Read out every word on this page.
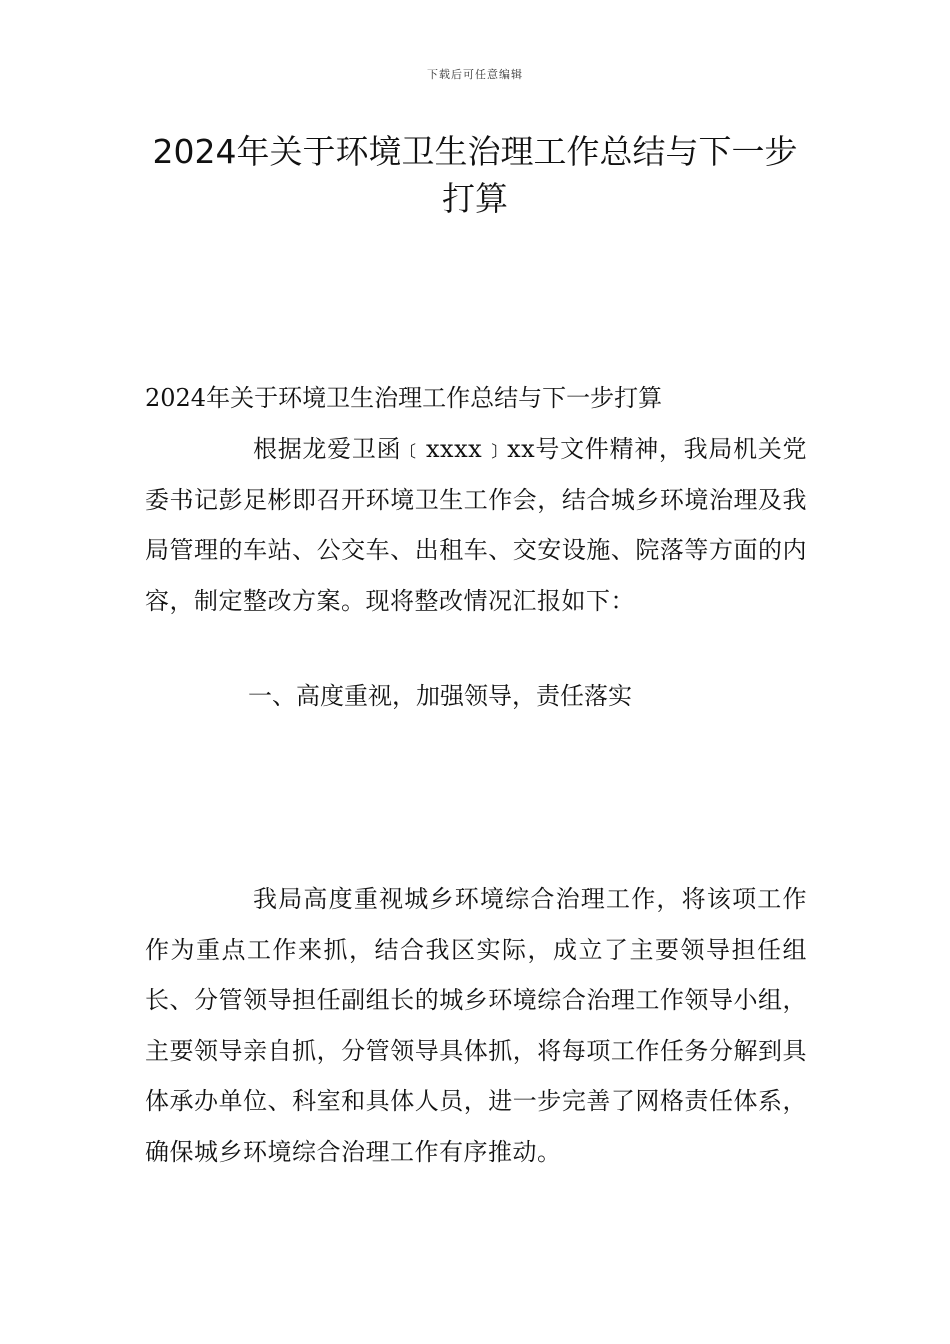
下载后可任意编辑
2024年关于环境卫生治理工作总结与下一步打算

2024年关于环境卫生治理工作总结与下一步打算

根据龙爱卫函﹝xxxx﹞xx号文件精神，我局机关党委书记彭足彬即召开环境卫生工作会，结合城乡环境治理及我局管理的车站、公交车、出租车、交安设施、院落等方面的内容，制定整改方案。现将整改情况汇报如下：

一、高度重视，加强领导，责任落实

我局高度重视城乡环境综合治理工作，将该项工作作为重点工作来抓，结合我区实际，成立了主要领导担任组长、分管领导担任副组长的城乡环境综合治理工作领导小组，主要领导亲自抓，分管领导具体抓，将每项工作任务分解到具体承办单位、科室和具体人员，进一步完善了网格责任体系，确保城乡环境综合治理工作有序推动。
